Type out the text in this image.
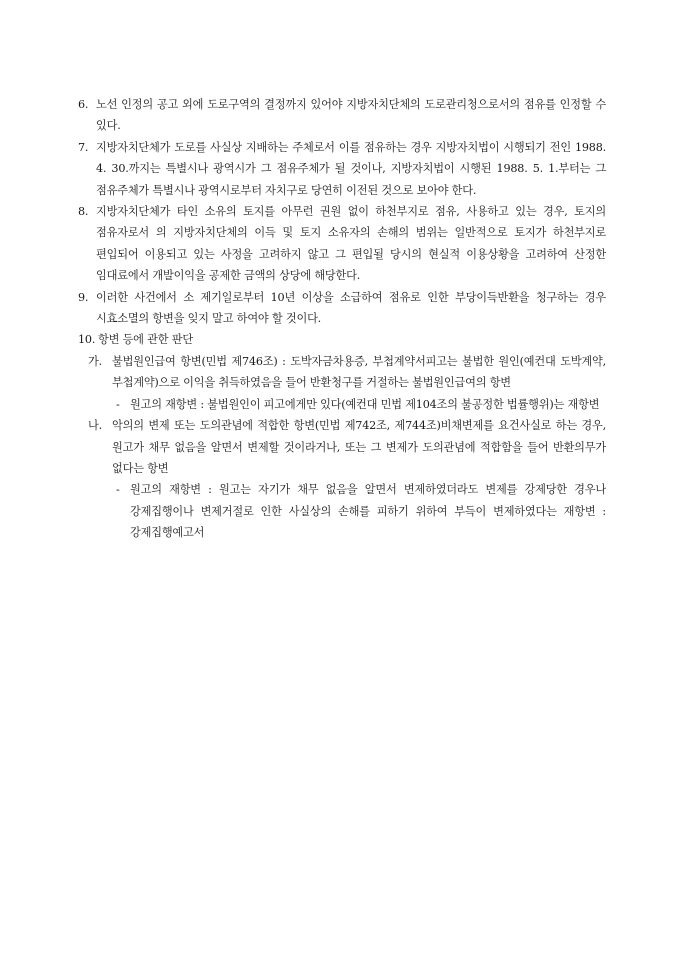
6. 노선 인정의 공고 외에 도로구역의 결정까지 있어야 지방자치단체의 도로관리청으로서의 점유를 인정할 수 있다.
7. 지방자치단체가 도로를 사실상 지배하는 주체로서 이를 점유하는 경우 지방자치법이 시행되기 전인 1988. 4. 30.까지는 특별시나 광역시가 그 점유주체가 될 것이나, 지방자치법이 시행된 1988. 5. 1.부터는 그 점유주체가 특별시나 광역시로부터 자치구로 당연히 이전된 것으로 보아야 한다.
8. 지방자치단체가 타인 소유의 토지를 아무런 권원 없이 하천부지로 점유, 사용하고 있는 경우, 토지의 점유자로서 의 지방자치단체의 이득 및 토지 소유자의 손해의 범위는 일반적으로 토지가 하천부지로 편입되어 이용되고 있는 사정을 고려하지 않고 그 편입될 당시의 현실적 이용상황을 고려하여 산정한 임대료에서 개발이익을 공제한 금액의 상당에 해당한다.
9. 이러한 사건에서 소 제기일로부터 10년 이상을 소급하여 점유로 인한 부당이득반환을 청구하는 경우 시효소멸의 항변을 잊지 말고 하여야 할 것이다.
10. 항변 등에 관한 판단
가. 불법원인급여 항변(민법 제746조) : 도박자금차용증, 부첩계약서피고는 불법한 원인(예컨대 도박계약, 부첩계약)으로 이익을 취득하였음을 들어 반환청구를 거절하는 불법원인급여의 항변
- 원고의 재항변 : 불법원인이 피고에게만 있다(예컨대 민법 제104조의 불공정한 법률행위)는 재항변
나. 악의의 변제 또는 도의관념에 적합한 항변(민법 제742조, 제744조)비채변제를 요건사실로 하는 경우, 원고가 채무 없음을 알면서 변제할 것이라거나, 또는 그 변제가 도의관념에 적합함을 들어 반환의무가 없다는 항변
- 원고의 재항변 : 원고는 자기가 채무 없음을 알면서 변제하였더라도 변제를 강제당한 경우나 강제집행이나 변제거절로 인한 사실상의 손해를 피하기 위하여 부득이 변제하였다는 재항변 : 강제집행예고서
